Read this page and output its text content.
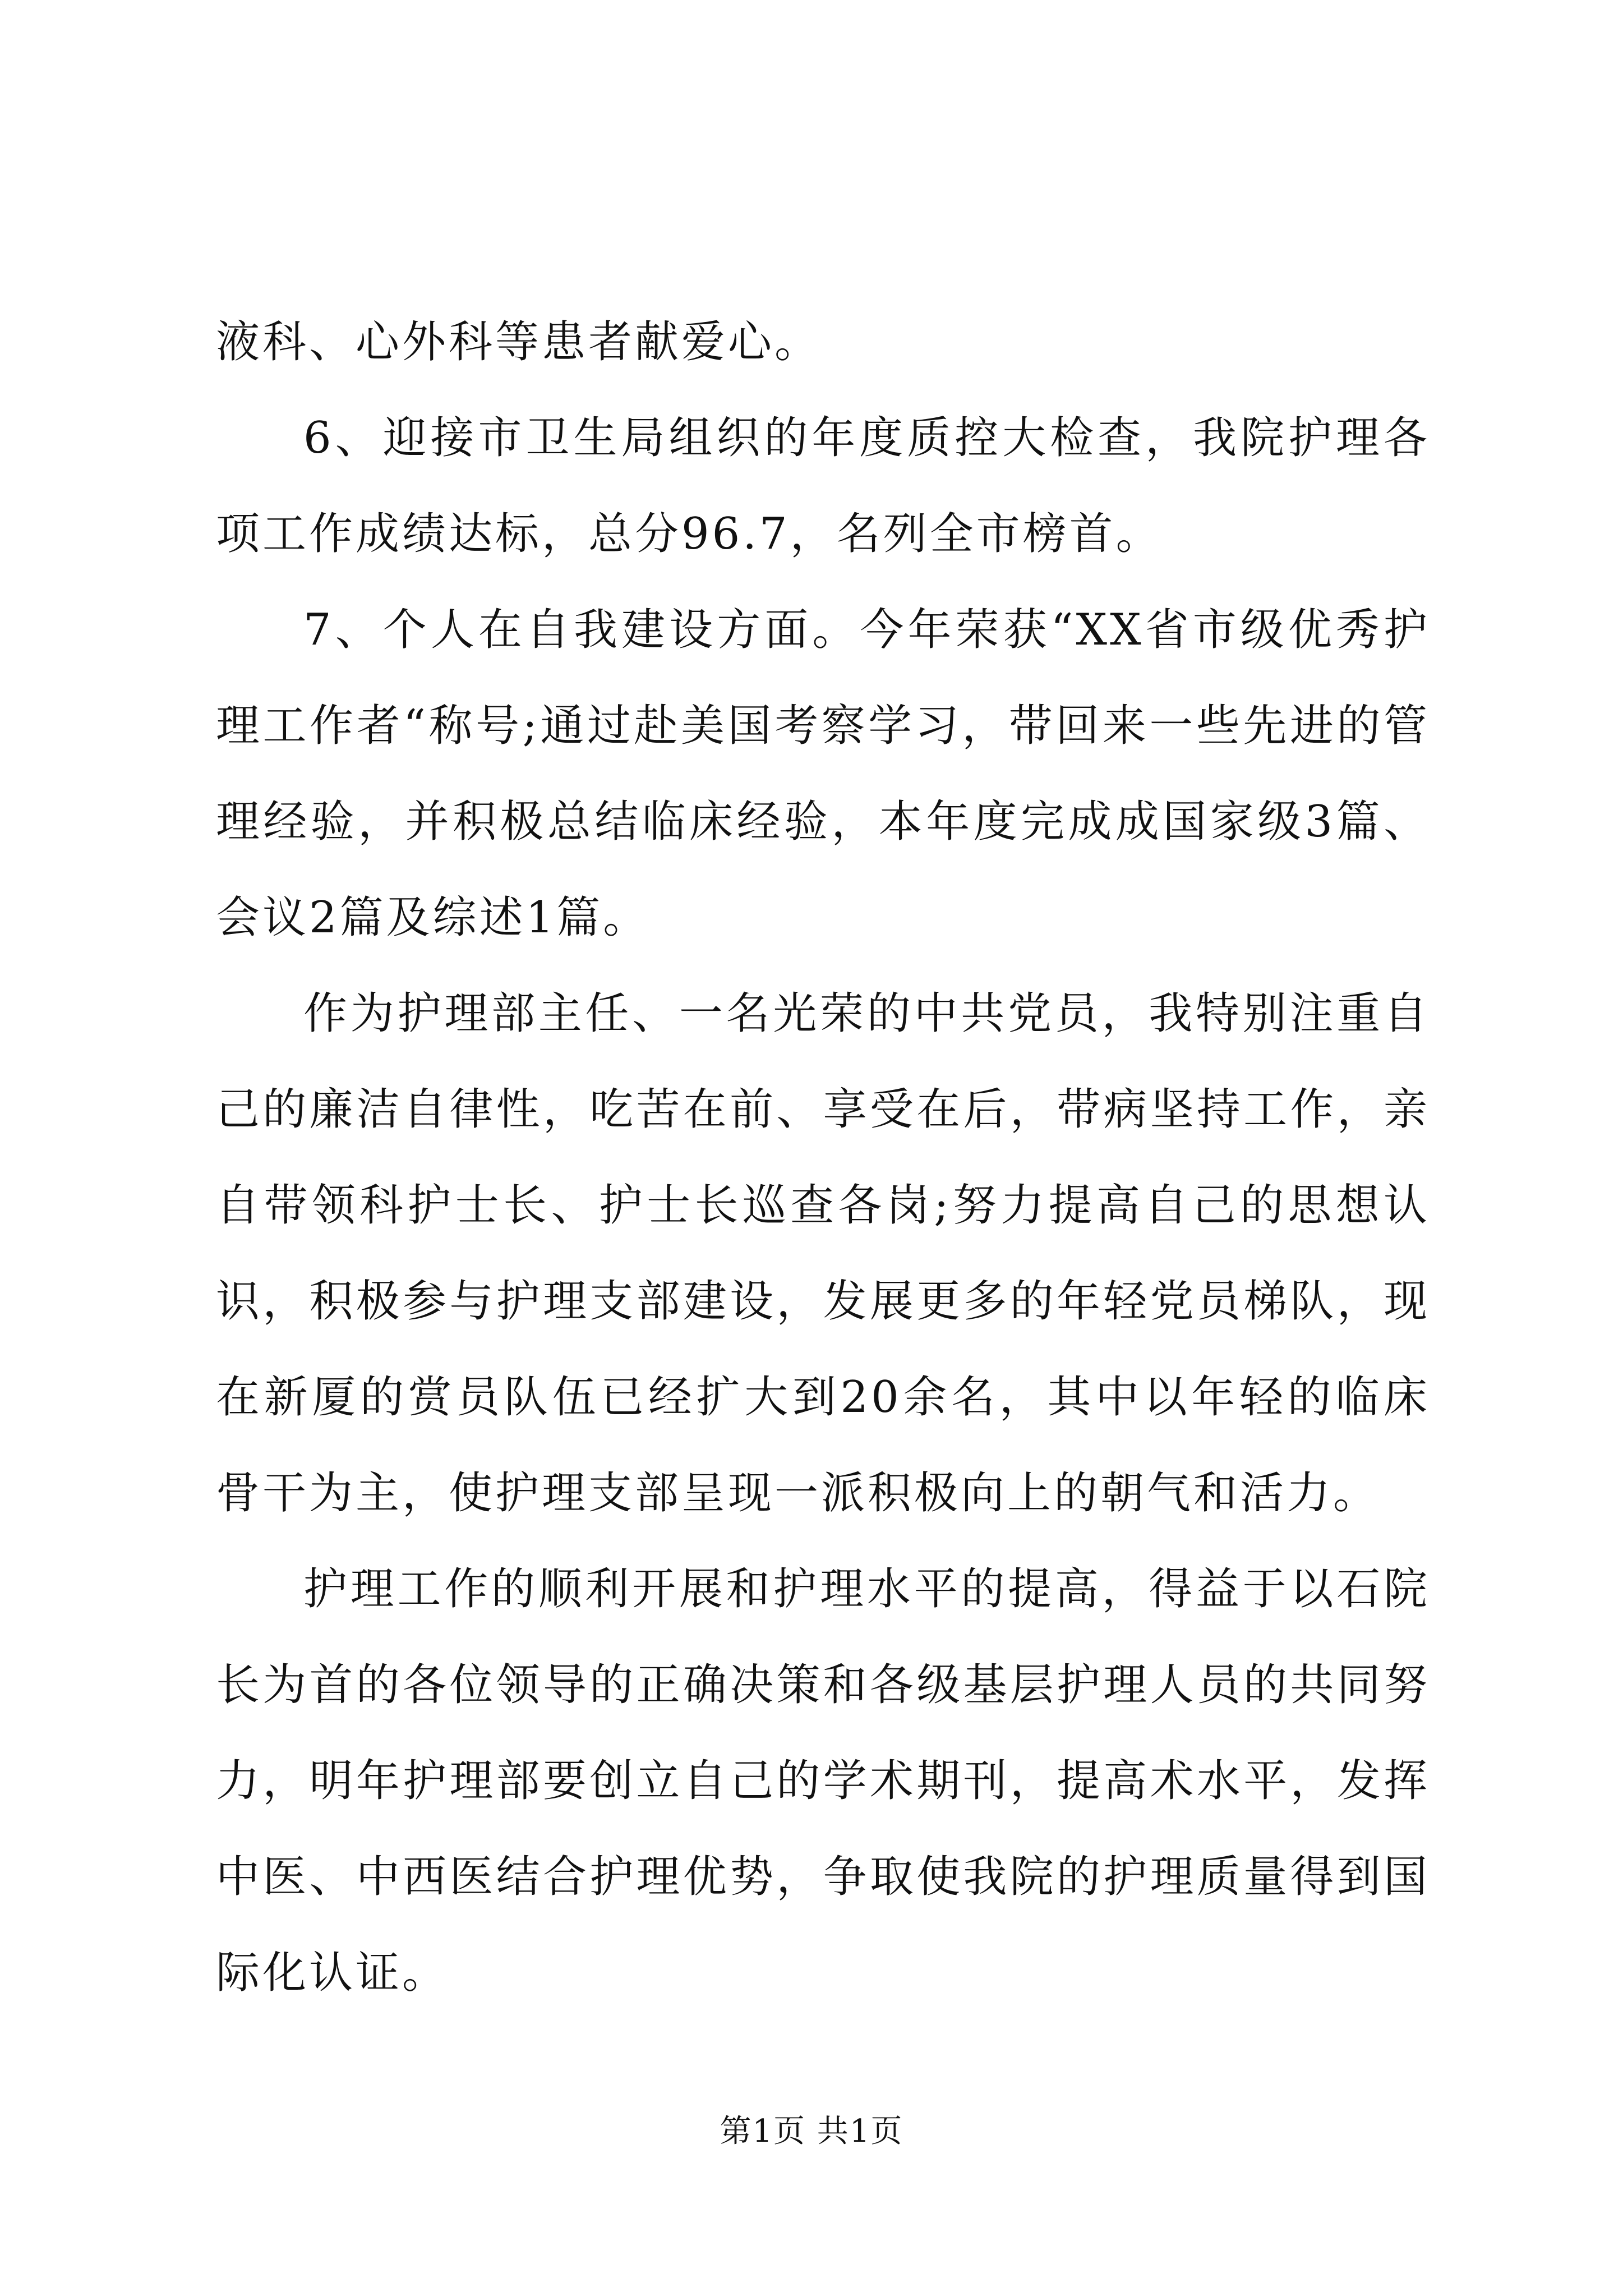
液科、心外科等患者献爱心。

6、迎接市卫生局组织的年度质控大检查，我院护理各项工作成绩达标，总分96.7，名列全市榜首。

7、个人在自我建设方面。今年荣获“XX省市级优秀护理工作者“称号;通过赴美国考察学习，带回来一些先进的管理经验，并积极总结临床经验，本年度完成成国家级3篇、会议2篇及综述1篇。

作为护理部主任、一名光荣的中共党员，我特别注重自己的廉洁自律性，吃苦在前、享受在后，带病坚持工作，亲自带领科护士长、护士长巡查各岗;努力提高自己的思想认识，积极参与护理支部建设，发展更多的年轻党员梯队，现在新厦的赏员队伍已经扩大到20余名，其中以年轻的临床骨干为主，使护理支部呈现一派积极向上的朝气和活力。

护理工作的顺利开展和护理水平的提高，得益于以石院长为首的各位领导的正确决策和各级基层护理人员的共同努力，明年护理部要创立自己的学术期刊，提高术水平，发挥中医、中西医结合护理优势，争取使我院的护理质量得到国际化认证。

第1页 共1页
